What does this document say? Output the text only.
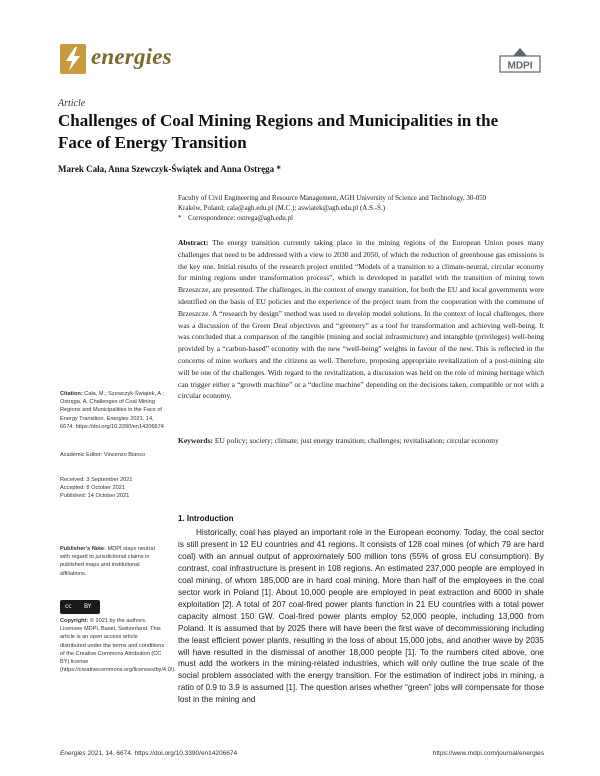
energies	MDPI
Article
Challenges of Coal Mining Regions and Municipalities in the Face of Energy Transition
Marek Cała, Anna Szewczyk-Świątek and Anna Ostręga *
Faculty of Civil Engineering and Resource Management, AGH University of Science and Technology, 30-059
Kraków, Poland; cala@agh.edu.pl (M.C.); aswiatek@agh.edu.pl (A.S.-Ś.)
* Correspondence: ostrega@agh.edu.pl
Abstract: The energy transition currently taking place in the mining regions of the European Union poses many challenges that need to be addressed with a view to 2030 and 2050, of which the reduction of greenhouse gas emissions is the key one. Initial results of the research project entitled “Models of a transition to a climate-neutral, circular economy for mining regions under transformation process”, which is developed in parallel with the transition of mining town Brzeszcze, are presented. The challenges, in the context of energy transition, for both the EU and local governments were identified on the basis of EU policies and the experience of the project team from the cooperation with the commune of Brzeszcze. A “research by design” method was used to develop model solutions. In the context of local challenges, there was a discussion of the Green Deal objectives and “greenery” as a tool for transformation and achieving well-being. It was concluded that a comparison of the tangible (mining and social infrastructure) and intangible (privileges) well-being provided by a “carbon-based” economy with the new “well-being” weights in favour of the new. This is reflected in the concerns of mine workers and the citizens as well. Therefore, proposing appropriate revitalization of a post-mining site will be one of the challenges. With regard to the revitalization, a discussion was held on the role of mining heritage which can trigger either a “growth machine” or a “decline machine” depending on the decisions taken, compatible or not with a circular economy.
Keywords: EU policy; society; climate; just energy transition; challenges; revitalisation; circular economy
Citation: Cała, M.; Szewczyk-Świątek, A.; Ostręga, A. Challenges of Coal Mining Regions and Municipalities in the Face of Energy Transition. Energies 2021, 14, 6674. https://doi.org/10.3390/en14206674
Academic Editor: Vincenzo Bianco
Received: 3 September 2021
Accepted: 8 October 2021
Published: 14 October 2021
Publisher’s Note: MDPI stays neutral with regard to jurisdictional claims in published maps and institutional affiliations.
cc BY
Copyright: © 2021 by the authors. Licensee MDPI, Basel, Switzerland. This article is an open access article distributed under the terms and conditions of the Creative Commons Attribution (CC BY) license (https://creativecommons.org/licenses/by/4.0/).
1. Introduction
Historically, coal has played an important role in the European economy. Today, the coal sector is still present in 12 EU countries and 41 regions. It consists of 128 coal mines (of which 79 are hard coal) with an annual output of approximately 500 million tons (55% of gross EU consumption). By contrast, coal infrastructure is present in 108 regions. An estimated 237,000 people are employed in coal mining, of whom 185,000 are in hard coal mining. More than half of the employees in the coal sector work in Poland [1]. About 10,000 people are employed in peat extraction and 6000 in shale exploitation [2]. A total of 207 coal-fired power plants function in 21 EU countries with a total power capacity almost 150 GW. Coal-fired power plants employ 52,000 people, including 13,000 from Poland. It is assumed that by 2025 there will have been the first wave of decommissioning including the least efficient power plants, resulting in the loss of about 15,000 jobs, and another wave by 2035 will have resulted in the dismissal of another 18,000 people [1]. To the numbers cited above, one must add the workers in the mining-related industries, which will only outline the true scale of the social problem associated with the energy transition. For the estimation of indirect jobs in mining, a ratio of 0.9 to 3.9 is assumed [1]. The question arises whether “green” jobs will compensate for those lost in the mining and
Energies 2021, 14, 6674. https://doi.org/10.3390/en14206674	https://www.mdpi.com/journal/energies
